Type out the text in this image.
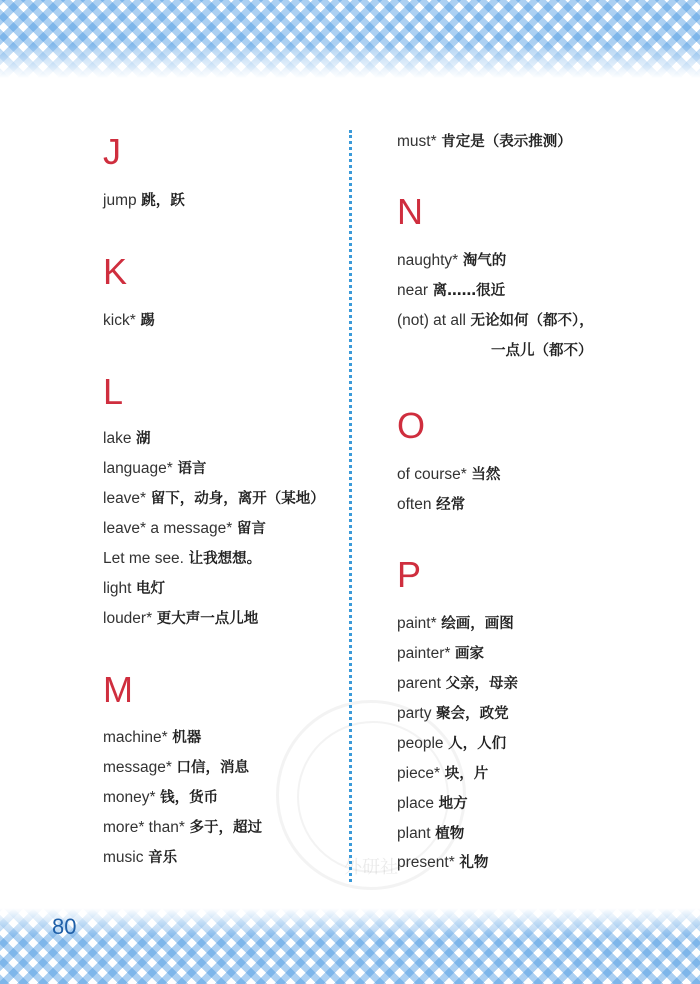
外研社
J
jump 跳，跃
K
kick* 踢
L
lake 湖
language* 语言
leave* 留下，动身，离开（某地）
leave* a message* 留言
Let me see. 让我想想。
light 电灯
louder* 更大声一点儿地
M
machine* 机器
message* 口信，消息
money* 钱，货币
more* than* 多于，超过
music 音乐
must* 肯定是（表示推测）
N
naughty* 淘气的
near 离……很近
(not) at all 无论如何（都不），
一点儿（都不）
O
of course* 当然
often 经常
P
paint* 绘画，画图
painter* 画家
parent 父亲，母亲
party 聚会，政党
people 人，人们
piece* 块，片
place 地方
plant 植物
present* 礼物
80
